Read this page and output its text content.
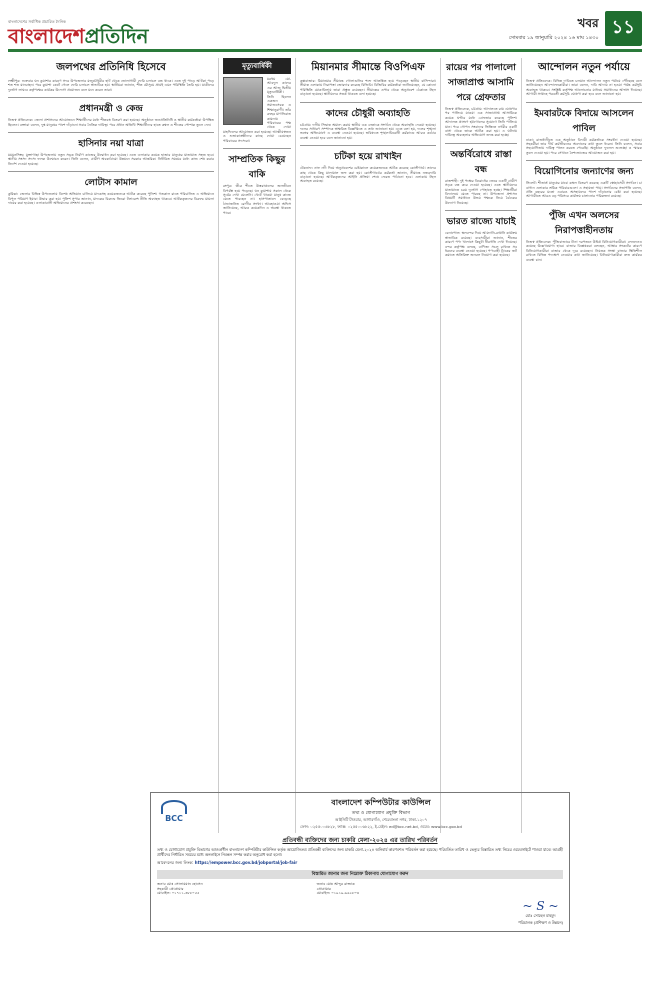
বাংলাদেশের সর্বাধিক প্রচারিত দৈনিক
বাংলাদেশপ্রতিদিন
খবর
সোমবার ১৯ জানুয়ারি ২০২৪ ১৬ মাঘ ১৪৩০ ১১
জলপথের প্রতিনিধি হিসেবে
লক্ষ্মীপুর: শুক্রবার ঘন কুয়াশার কারণে সদর উপজেলার মজুচৌধুরীর হাট থেকে ভোলাগামী ফেরি চলাচল বন্ধ থাকে। এতে দুই পাড়ে আটকা পড়ে শত শত যানবাহন। পরে কুয়াশা কেটে গেলে ফেরি চলাচল স্বাভাবিক হয়। স্থানীয়রা জানান, শীত মৌসুমে প্রায়ই এমন পরিস্থিতি তৈরি হয়। যাত্রীদের দুর্ভোগ লাঘবে কর্তৃপক্ষের কার্যকর উদ্যোগ প্রয়োজন বলে মনে করেন তারা।
প্রধানমন্ত্রী ও কেন্দ্র
নিজস্ব প্রতিবেদক: জেলা প্রশাসনের আয়োজনে শিক্ষার্থীদের মধ্যে শীতবস্ত্র বিতরণ করা হয়েছে। অনুষ্ঠানে জনপ্রতিনিধি ও স্থানীয় কর্মকর্তারা উপস্থিত ছিলেন। বক্তারা বলেন, দুস্থ মানুষের পাশে দাঁড়ানো সবার নৈতিক দায়িত্ব। পরে প্রধান অতিথি শিক্ষার্থীদের হাতে কম্বল ও শীতের পোশাক তুলে দেন।
হাসিনার নয়া যাত্রা
ময়মনসিংহ: মুক্তাগাছা উপজেলায় নতুন সড়ক নির্মাণ কাজের উদ্বোধন করা হয়েছে। এতে এলাকার কয়েক হাজার মানুষের যাতায়াত সহজ হবে। স্থানীয় সংসদ সদস্য ফলক উন্মোচন করেন। তিনি বলেন, গ্রামীণ অবকাঠামো উন্নয়নে সরকার আন্তরিক। নির্ধারিত সময়ের মধ্যে কাজ শেষ করার নির্দেশ দেওয়া হয়েছে।
লোটাস কামাল
কুমিল্লা: জেলার বিভিন্ন উপজেলায় বিশেষ অভিযান চালিয়ে মাদকসহ কয়েকজনকে আটক করেছে পুলিশ। গতকাল রাতে পরিচালিত এ অভিযানে বিপুল পরিমাণ ইয়াবা উদ্ধার করা হয়। পুলিশ সুপার জানান, মাদকের বিরুদ্ধে জিরো টলারেন্স নীতি অব্যাহত থাকবে। আটককৃতদের বিরুদ্ধে মামলা দায়ের করা হয়েছে। এলাকাবাসী অভিযানের প্রশংসা করেছেন।
মৃত্যুবার্ষিকী
মরহুম মো. আবদুল কাদের এর আজ দ্বিতীয় মৃত্যুবার্ষিকী। তিনি ছিলেন একজন সমাজসেবক ও শিক্ষানুরাগী। তাঁর রুহের মাগফিরাত কামনায় পরিবারের পক্ষ থেকে দোয়া মাহফিলের আয়োজন করা হয়েছে। আত্মীয়স্বজন ও শুভাকাঙ্ক্ষীদের কাছে দোয়া চেয়েছেন পরিবারের সদস্যরা।
সাম্প্রতিক কিছুর বাকি
রংপুর: তীব্র শীতে উত্তরাঞ্চলের জনজীবন বিপর্যস্ত হয়ে পড়েছে। ঘন কুয়াশায় সকাল থেকে সূর্যের দেখা মেলেনি। খেটে খাওয়া মানুষ কাজে যেতে পারছেন না। হাসপাতালে বেড়েছে ঠান্ডাজনিত রোগীর সংখ্যা। আবহাওয়া অফিস জানিয়েছে, আরও কয়েকদিন এ অবস্থা থাকতে পারে।
মিয়ানমার সীমান্তে বিওপিএফ
কক্সবাজার: মিয়ানমার সীমান্তে গোলাগুলির শব্দে আতঙ্কিত হয়ে পড়েছেন স্থানীয় বাসিন্দারা। সীমান্ত এলাকায় নিরাপত্তা জোরদার করেছে বিজিবি। বিজিবির কর্মকর্তারা জানিয়েছেন, যে কোনো পরিস্থিতি মোকাবিলায় তারা প্রস্তুত রয়েছেন। সীমান্তের ওপার থেকে অনুপ্রবেশ ঠেকাতে টহল বাড়ানো হয়েছে। স্থানীয়দের সতর্ক থাকতে বলা হয়েছে।
কাদের চৌধুরী অব্যাহতি
চট্টগ্রাম: দলীয় সিদ্ধান্ত অমান্য করায় স্থানীয় এক নেতাকে সংগঠন থেকে অব্যাহতি দেওয়া হয়েছে। দলের সাধারণ সম্পাদক স্বাক্ষরিত বিজ্ঞপ্তিতে এ তথ্য জানানো হয়। এতে বলা হয়, দলের শৃঙ্খলা ভঙ্গের অভিযোগে এ ব্যবস্থা নেওয়া হয়েছে। ভবিষ্যতে শৃঙ্খলাবিরোধী কর্মকাণ্ডে আরও কঠোর ব্যবস্থা নেওয়া হবে বলে জানানো হয়।
চটিকা হয়ে রাখাইন
টেকনাফ: নাফ নদী দিয়ে অনুপ্রবেশের চেষ্টাকালে কয়েকজনকে আটক করেছে কোস্টগার্ড। তাদের কাছ থেকে কিছু মালামাল জব্দ করা হয়। কোস্টগার্ডের কর্মকর্তা জানান, সীমান্তে নজরদারি বাড়ানো হয়েছে। আটককৃতদের আইনি প্রক্রিয়া শেষে ফেরত পাঠানো হবে। এলাকায় টহল অব্যাহত রয়েছে।
রায়ের পর পালালো সাজাপ্রাপ্ত আসামি পরে গ্রেফতার
নিজস্ব প্রতিবেদক, চট্টগ্রাম: আদালতে রায় ঘোষণার পর পালিয়ে যাওয়া এক সাজাপ্রাপ্ত আসামিকে কয়েক ঘণ্টার মধ্যে গ্রেফতার করেছে পুলিশ। আদালত প্রাঙ্গণে হট্টগোলের সুযোগে তিনি পালিয়ে যান। পরে গোপন সংবাদের ভিত্তিতে নগরীর একটি বাসা থেকে তাকে আটক করা হয়। এ ঘটনায় দায়িত্বে অবহেলার অভিযোগ তদন্ত করা হচ্ছে।
অন্তর্বিরোধে রাস্তা বন্ধ
রাজশাহী: দুই পক্ষের বিরোধের জেরে একটি গ্রামীণ সড়ক বন্ধ করে দেওয়া হয়েছে। এতে স্থানীয়দের যাতায়াতে চরম দুর্ভোগ পোহাতে হচ্ছে। শিক্ষার্থীরা বিদ্যালয়ে যেতে পারছে না। উপজেলা প্রশাসন বিষয়টি সমাধানে উভয় পক্ষকে নিয়ে বৈঠকের উদ্যোগ নিয়েছে।
ভারত রাজ্যে যাচাই
বেনাপোল: স্থলবন্দর দিয়ে আমদানি-রপ্তানি কার্যক্রম স্বাভাবিক রয়েছে। ব্যবসায়ীরা জানান, শীতের কারণে পণ্য খালাসে কিছুটা ধীরগতি দেখা দিয়েছে। বন্দর কর্তৃপক্ষ বলছে, বাণিজ্য সচল রাখতে সব ধরনের ব্যবস্থা নেওয়া হয়েছে। পণ্যবাহী ট্রাকের জট কমাতে অতিরিক্ত জনবল নিয়োগ করা হয়েছে।
আন্দোলন নতুন পর্যায়ে
নিজস্ব প্রতিবেদক: বিভিন্ন দাবিতে চলমান আন্দোলন নতুন পর্যায়ে পৌঁছেছে বলে জানিয়েছেন আন্দোলনকারীরা। তারা বলেন, দাবি আদায় না হওয়া পর্যন্ত কর্মসূচি অব্যাহত থাকবে। সংশ্লিষ্ট কর্তৃপক্ষ আলোচনার মাধ্যমে সমাধানের আশ্বাস দিয়েছে। আগামী সপ্তাহে পরবর্তী কর্মসূচি ঘোষণা করা হবে বলে জানানো হয়।
ইমবারটকে বিদায়ে আসলেন পাবিল
ঢাকা: রাজধানীতে এক অনুষ্ঠানে বিদায়ী কর্মকর্তাকে সংবর্ধনা দেওয়া হয়েছে। সহকর্মীরা তার দীর্ঘ কর্মজীবনের অবদানের কথা তুলে ধরেন। তিনি বলেন, সবার সহযোগিতায় দায়িত্ব পালন করতে পেরেছি। অনুষ্ঠানে ফুলেল শুভেচ্ছা ও স্মারক তুলে দেওয়া হয়। পরে সেখানে নৈশভোজের আয়োজন করা হয়।
বিয়োগিনোর জন্যাণের জন্য
সিলেট: শীতার্ত মানুষের মাঝে কম্বল বিতরণ করেছে একটি স্বেচ্ছাসেবী সংগঠন। চা বাগান এলাকার শ্রমিক পরিবারগুলো এ সহায়তা পায়। সংগঠনের সভাপতি বলেন, প্রতি বছরের মতো এবারও অসহায়দের পাশে দাঁড়ানোর চেষ্টা করা হয়েছে। আগামীতে আরও বড় পরিসরে কার্যক্রম চালানোর পরিকল্পনা রয়েছে।
পুঁজি এখন অলসের নিরাপত্তাহীনতায়
নিজস্ব প্রতিবেদক: পুঁজিবাজারে টানা দরপতনে উদ্বিগ্ন বিনিয়োগকারীরা। লেনদেনও কমেছে উল্লেখযোগ্য হারে। বাজার বিশ্লেষকরা বলছেন, আস্থার সংকটের কারণে বিনিয়োগকারীরা বাজার থেকে দূরে রয়েছেন। নিয়ন্ত্রক সংস্থা বাজার স্থিতিশীল রাখতে বিভিন্ন পদক্ষেপ নেওয়ার কথা জানিয়েছে। বিনিয়োগকারীরা দ্রুত কার্যকর ব্যবস্থা চান।
BCC
বাংলাদেশ কম্পিউটার কাউন্সিল
তথ্য ও যোগাযোগ প্রযুক্তি বিভাগ
আইসিটি টাওয়ার, আগারগাঁও, শেরেবাংলা নগর, ঢাকা-১২০৭
ফোন: ০২৫৫০০৬৮২৮, ফ্যাক্স: ০২৫৫০০৬৮২২, ই-মেইল: ed@bcc.net.bd, ওয়েব: www.bcc.gov.bd
প্রতিবন্ধী ব্যক্তিদের জন্য চাকরি মেলা-২০২৪ এর তারিখ পরিবর্তন
তথ্য ও যোগাযোগ প্রযুক্তি বিভাগের আওতাধীন বাংলাদেশ কম্পিউটার কাউন্সিল কর্তৃক আয়োজিতব্য প্রতিবন্ধী ব্যক্তিদের জন্য চাকরি মেলা-২০২৪ অনিবার্য কারণবশত পরিবর্তন করা হয়েছে। পরিবর্তিত তারিখ ও ভেন্যুর বিস্তারিত তথ্য নিচের ওয়েবসাইটে পাওয়া যাবে। আগ্রহী প্রার্থীদের নির্ধারিত সময়ের মধ্যে অনলাইনে নিবন্ধন সম্পন্ন করার অনুরোধ করা হলো।
আবেদনের জন্য লিংক: https://empower.bcc.gov.bd/jobportal/job-fair
বিস্তারিত জানার জন্য নিম্নোক্ত ঠিকানায় যোগাযোগ করুন
জনাব মোঃ সোলায়মান হোসেন
সহকারী প্রোগ্রামার
মোবাইল: ০১৭১১-৩৮৮০৫৫
জনাব মোঃ আব্দুর রাজ্জাক
প্রোগ্রামার
মোবাইল: ০১৯১৯-৬৬২৮০৩
~ S ~
মোঃ সোহেল মাহমুদ
পরিচালক (প্রশিক্ষণ ও উন্নয়ন)
